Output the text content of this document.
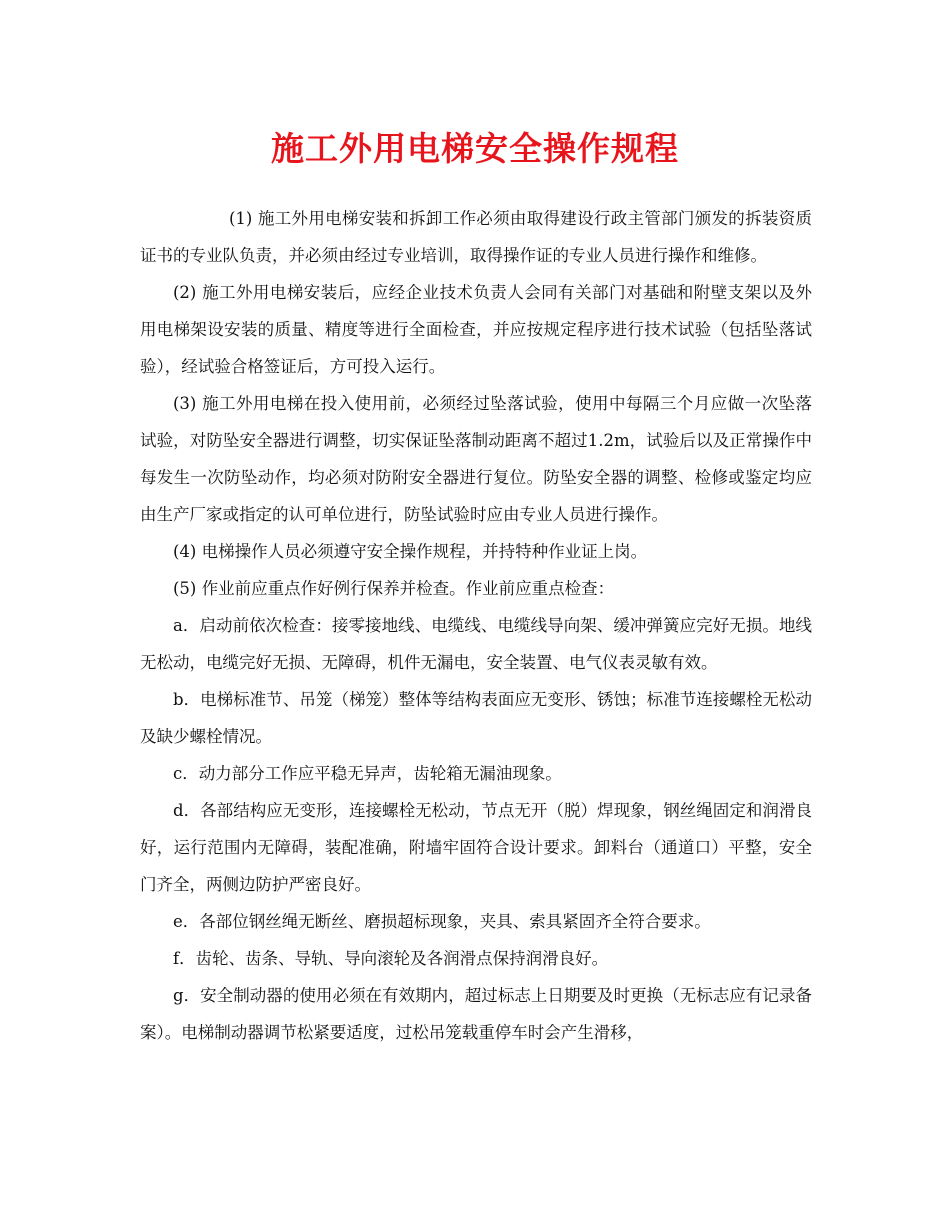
施工外用电梯安全操作规程

(1) 施工外用电梯安装和拆卸工作必须由取得建设行政主管部门颁发的拆装资质证书的专业队负责，并必须由经过专业培训，取得操作证的专业人员进行操作和维修。

(2) 施工外用电梯安装后，应经企业技术负责人会同有关部门对基础和附壁支架以及外用电梯架设安装的质量、精度等进行全面检查，并应按规定程序进行技术试验（包括坠落试验），经试验合格签证后，方可投入运行。

(3) 施工外用电梯在投入使用前，必须经过坠落试验，使用中每隔三个月应做一次坠落试验，对防坠安全器进行调整，切实保证坠落制动距离不超过1.2m，试验后以及正常操作中每发生一次防坠动作，均必须对防附安全器进行复位。防坠安全器的调整、检修或鉴定均应由生产厂家或指定的认可单位进行，防坠试验时应由专业人员进行操作。

(4) 电梯操作人员必须遵守安全操作规程，并持特种作业证上岗。

(5) 作业前应重点作好例行保养并检查。作业前应重点检查：

a．启动前依次检查：接零接地线、电缆线、电缆线导向架、缓冲弹簧应完好无损。地线无松动，电缆完好无损、无障碍，机件无漏电，安全装置、电气仪表灵敏有效。

b．电梯标准节、吊笼（梯笼）整体等结构表面应无变形、锈蚀；标准节连接螺栓无松动及缺少螺栓情况。

c．动力部分工作应平稳无异声，齿轮箱无漏油现象。

d．各部结构应无变形，连接螺栓无松动，节点无开（脱）焊现象，钢丝绳固定和润滑良好，运行范围内无障碍，装配准确，附墙牢固符合设计要求。卸料台（通道口）平整，安全门齐全，两侧边防护严密良好。

e．各部位钢丝绳无断丝、磨损超标现象，夹具、索具紧固齐全符合要求。

f．齿轮、齿条、导轨、导向滚轮及各润滑点保持润滑良好。

g．安全制动器的使用必须在有效期内，超过标志上日期要及时更换（无标志应有记录备案）。电梯制动器调节松紧要适度，过松吊笼载重停车时会产生滑移，
